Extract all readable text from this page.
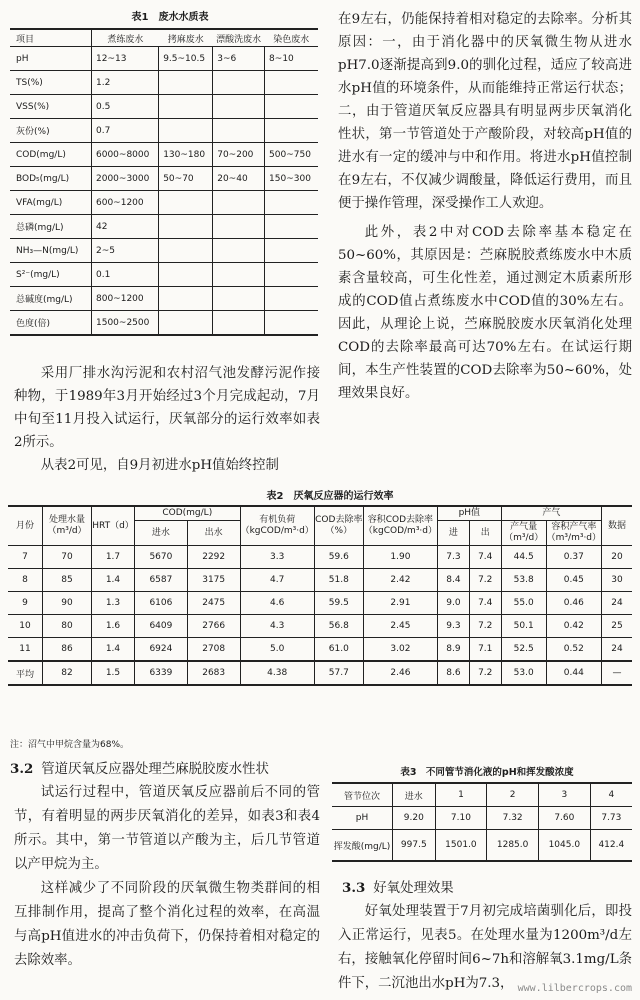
表1　废水水质表
项目	煮练废水	拷麻废水	漂酸洗废水	染色废水
pH	12~13	9.5~10.5	3~6	8~10
TS(%)	1.2			
VSS(%)	0.5			
灰份(%)	0.7			
COD(mg/L)	6000~8000	130~180	70~200	500~750
BOD₅(mg/L)	2000~3000	50~70	20~40	150~300
VFA(mg/L)	600~1200			
总磷(mg/L)	42			
NH₃—N(mg/L)	2~5			
S²⁻(mg/L)	0.1			
总碱度(mg/L)	800~1200			
色度(倍)	1500~2500			

采用厂排水沟污泥和农村沼气池发酵污泥作接种物，于1989年3月开始经过3个月完成起动，7月中旬至11月投入试运行，厌氧部分的运行效率如表2所示。

从表2可见，自9月初进水pH值始终控制

在9左右，仍能保持着相对稳定的去除率。分析其原因：一，由于消化器中的厌氧微生物从进水pH7.0逐渐提高到9.0的驯化过程，适应了较高进水pH值的环境条件，从而能维持正常运行状态；二，由于管道厌氧反应器具有明显两步厌氧消化性状，第一节管道处于产酸阶段，对较高pH值的进水有一定的缓冲与中和作用。将进水pH值控制在9左右，不仅减少调酸量，降低运行费用，而且便于操作管理，深受操作工人欢迎。

此外，表2中对COD去除率基本稳定在50~60%，其原因是：苎麻脱胶煮练废水中木质素含量较高，可生化性差，通过测定木质素所形成的COD值占煮练废水中COD值的30%左右。因此，从理论上说，苎麻脱胶废水厌氧消化处理COD的去除率最高可达70%左右。在试运行期间，本生产性装置的COD去除率为50~60%，处理效果良好。

表2　厌氧反应器的运行效率
月份	处理水量（m³/d）	HRT（d）	COD(mg/L)		有机负荷（kgCOD/m³·d）	COD去除率（%）	容积COD去除率（kgCOD/m³·d）	pH值		产气		数据
			进水	出水				进	出	产气量（m³/d）	容积产气率（m³/m³·d）	
7	70	1.7	5670	2292	3.3	59.6	1.90	7.3	7.4	44.5	0.37	20
8	85	1.4	6587	3175	4.7	51.8	2.42	8.4	7.2	53.8	0.45	30
9	90	1.3	6106	2475	4.6	59.5	2.91	9.0	7.4	55.0	0.46	24
10	80	1.6	6409	2766	4.3	56.8	2.45	9.3	7.2	50.1	0.42	25
11	86	1.4	6924	2708	5.0	61.0	3.02	8.9	7.1	52.5	0.52	24
平均	82	1.5	6339	2683	4.38	57.7	2.46	8.6	7.2	53.0	0.44	—
注：沼气中甲烷含量为68%。
3.2 管道厌氧反应器处理苎麻脱胶废水性状

试运行过程中，管道厌氧反应器前后不同的管节，有着明显的两步厌氧消化的差异，如表3和表4所示。其中，第一节管道以产酸为主，后几节管道以产甲烷为主。

这样减少了不同阶段的厌氧微生物类群间的相互排制作用，提高了整个消化过程的效率，在高温与高pH值进水的冲击负荷下，仍保持着相对稳定的去除效率。

表3　不同管节消化液的pH和挥发酸浓度
管节位次	进水	1	2	3	4
pH	9.20	7.10	7.32	7.60	7.73
挥发酸(mg/L)	997.5	1501.0	1285.0	1045.0	412.4
3.3 好氧处理效果

好氧处理装置于7月初完成培菌驯化后，即投入正常运行，见表5。在处理水量为1200m³/d左右，接触氧化停留时间6~7h和溶解氧3.1mg/L条件下，二沉池出水pH为7.3， www.lilbercrops.com
